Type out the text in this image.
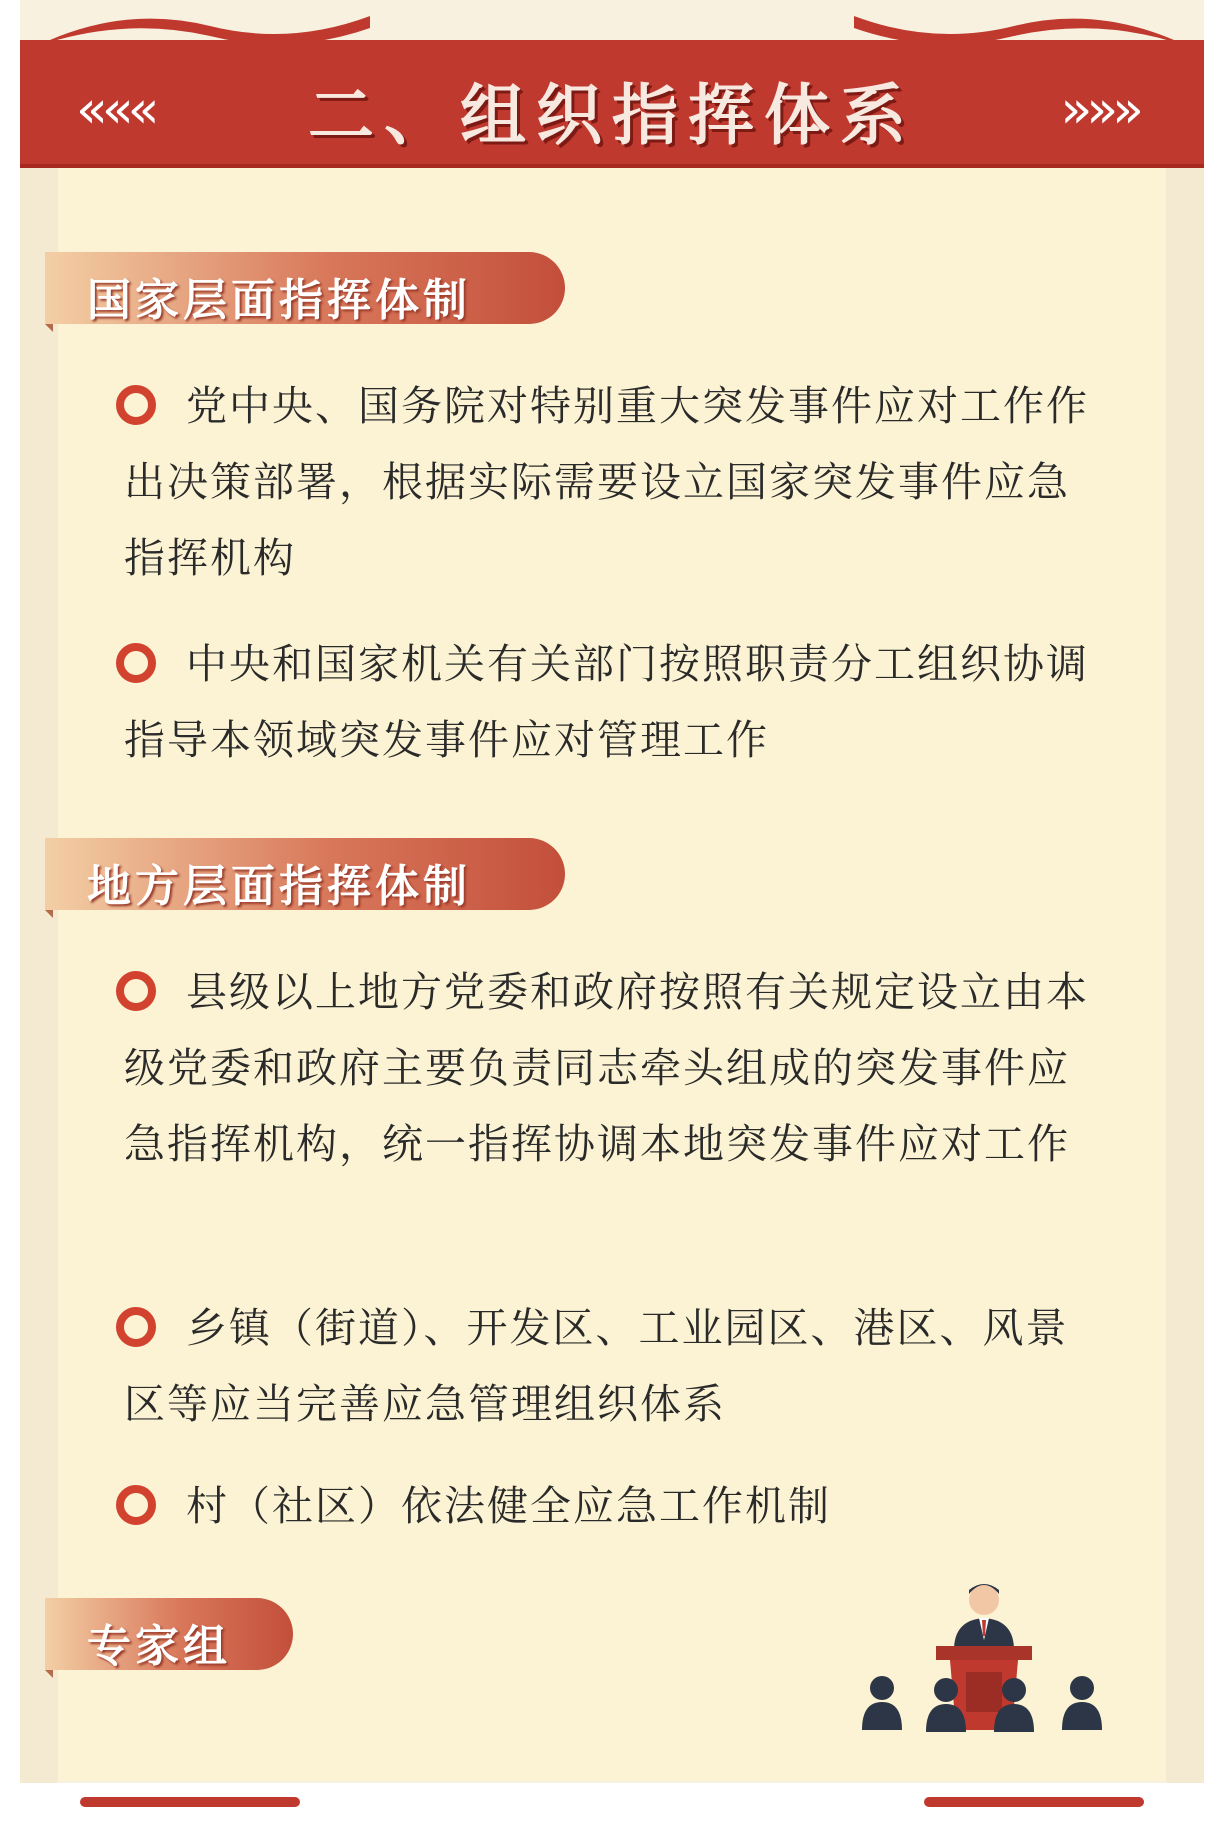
«««	二、组织指挥体系	»»»
国家层面指挥体制
党中央、国务院对特别重大突发事件应对工作作出决策部署，根据实际需要设立国家突发事件应急指挥机构
中央和国家机关有关部门按照职责分工组织协调指导本领域突发事件应对管理工作
地方层面指挥体制
县级以上地方党委和政府按照有关规定设立由本级党委和政府主要负责同志牵头组成的突发事件应急指挥机构，统一指挥协调本地突发事件应对工作
乡镇（街道）、开发区、工业园区、港区、风景区等应当完善应急管理组织体系
村（社区）依法健全应急工作机制
专家组
